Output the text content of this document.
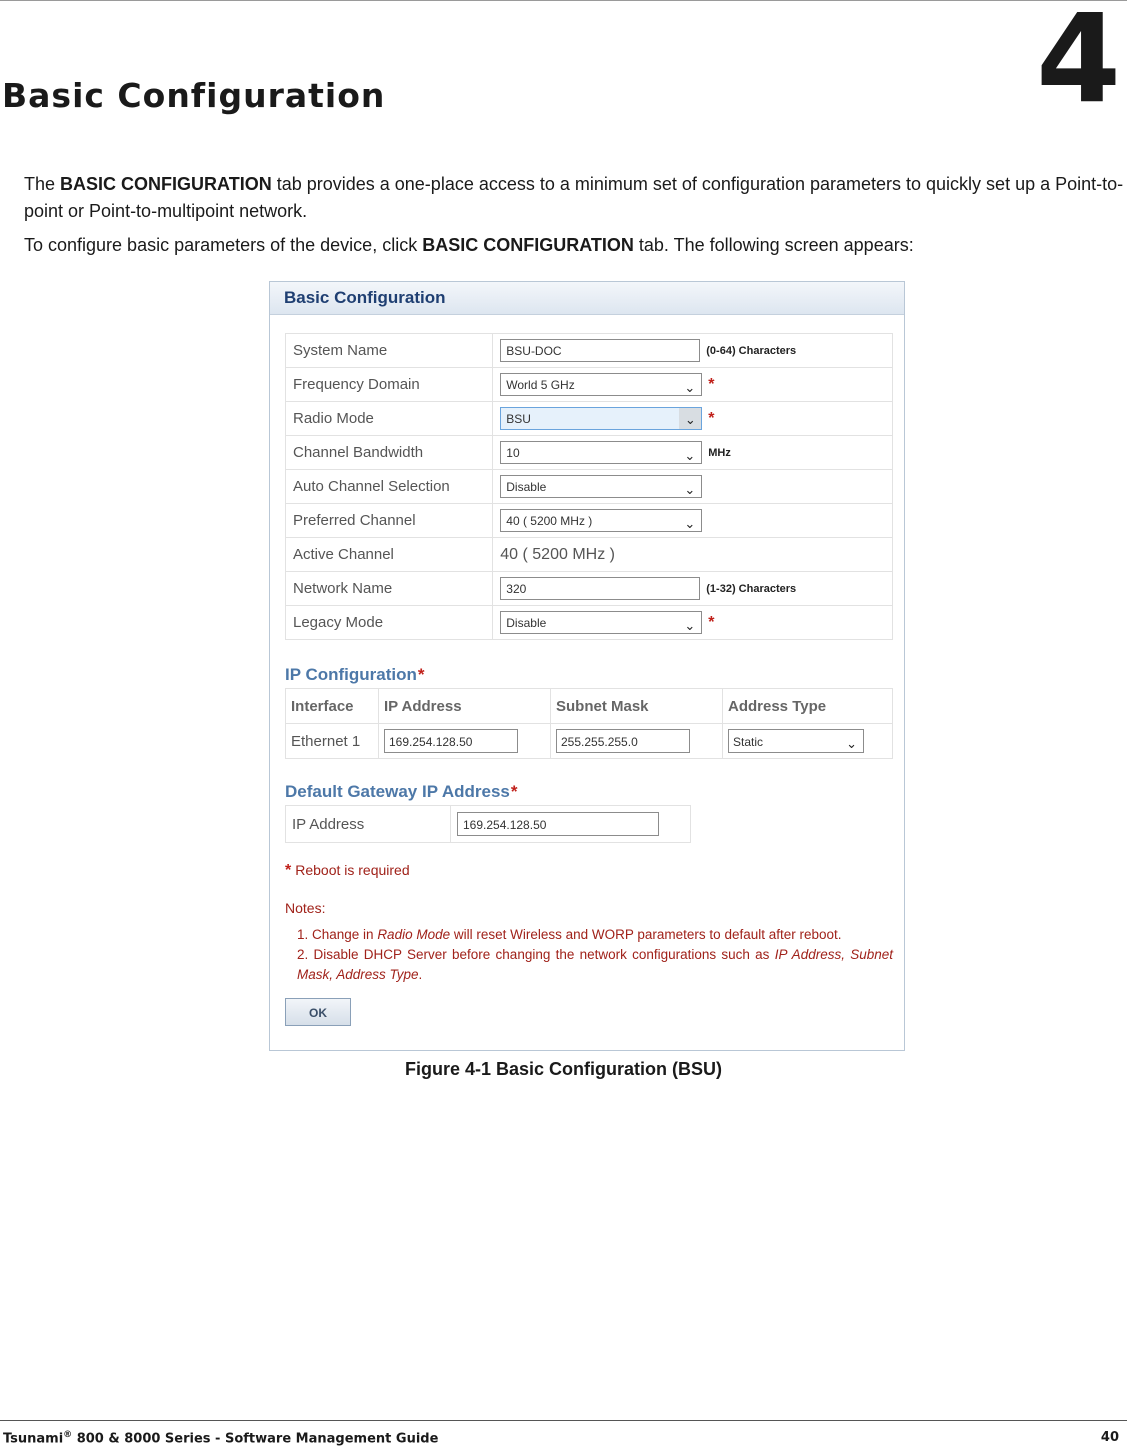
Basic Configuration	4
The BASIC CONFIGURATION tab provides a one-place access to a minimum set of configuration parameters to quickly set up a Point-to-point or Point-to-multipoint network.
To configure basic parameters of the device, click BASIC CONFIGURATION tab. The following screen appears:
Basic Configuration
System Name	BSU-DOC (0-64) Characters
Frequency Domain	World 5 GHz ⌄ *
Radio Mode	BSU ⌄ *
Channel Bandwidth	10 ⌄ MHz
Auto Channel Selection	Disable ⌄

Preferred Channel	40 ( 5200 MHz ) ⌄

Active Channel	40 ( 5200 MHz )
Network Name	320 (1-32) Characters
Legacy Mode	Disable ⌄ *
IP Configuration*
Interface	IP Address	Subnet Mask	Address Type
Ethernet 1	169.254.128.50	255.255.255.0	Static ⌄
Default Gateway IP Address*
IP Address	169.254.128.50
* Reboot is required
Notes:
1. Change in Radio Mode will reset Wireless and WORP parameters to default after reboot.
2. Disable DHCP Server before changing the network configurations such as IP Address, Subnet Mask, Address Type.
OK
Figure 4-1 Basic Configuration (BSU)
Tsunami® 800 & 8000 Series - Software Management Guide	40
